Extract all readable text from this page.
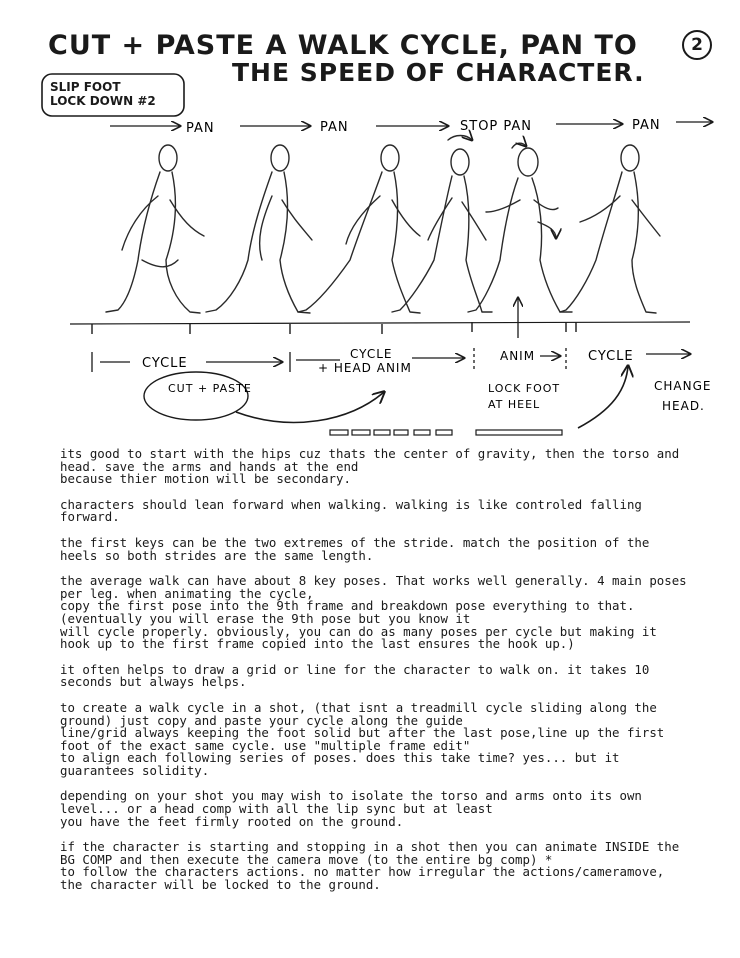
CUT + PASTE A WALK CYCLE, PAN TO
THE SPEED OF CHARACTER.
2
SLIP FOOT
LOCK DOWN #2
PAN	PAN	STOP PAN	PAN
CYCLE
CYCLE
+ HEAD ANIM
ANIM	CYCLE
CUT + PASTE	LOCK FOOT
AT HEEL
CHANGE
HEAD.

its good to start with the hips cuz thats the center of gravity, then the torso and
head. save the arms and hands at the end
because thier motion will be secondary.

characters should lean forward when walking. walking is like controled falling
forward.

the first keys can be the two extremes of the stride. match the position of the
heels so both strides are the same length.

the average walk can have about 8 key poses. That works well generally. 4 main poses
per leg. when animating the cycle,
copy the first pose into the 9th frame and breakdown pose everything to that.
(eventually you will erase the 9th pose but you know it
will cycle properly. obviously, you can do as many poses per cycle but making it
hook up to the first frame copied into the last ensures the hook up.)

it often helps to draw a grid or line for the character to walk on. it takes 10
seconds but always helps.

to create a walk cycle in a shot, (that isnt a treadmill cycle sliding along the
ground) just copy and paste your cycle along the guide
line/grid always keeping the foot solid but after the last pose,line up the first
foot of the exact same cycle. use "multiple frame edit"
to align each following series of poses. does this take time? yes... but it
guarantees solidity.

depending on your shot you may wish to isolate the torso and arms onto its own
level... or a head comp with all the lip sync but at least
you have the feet firmly rooted on the ground.

if the character is starting and stopping in a shot then you can animate INSIDE the
BG COMP and then execute the camera move (to the entire bg comp) *
to follow the characters actions. no matter how irregular the actions/cameramove,
the character will be locked to the ground.
